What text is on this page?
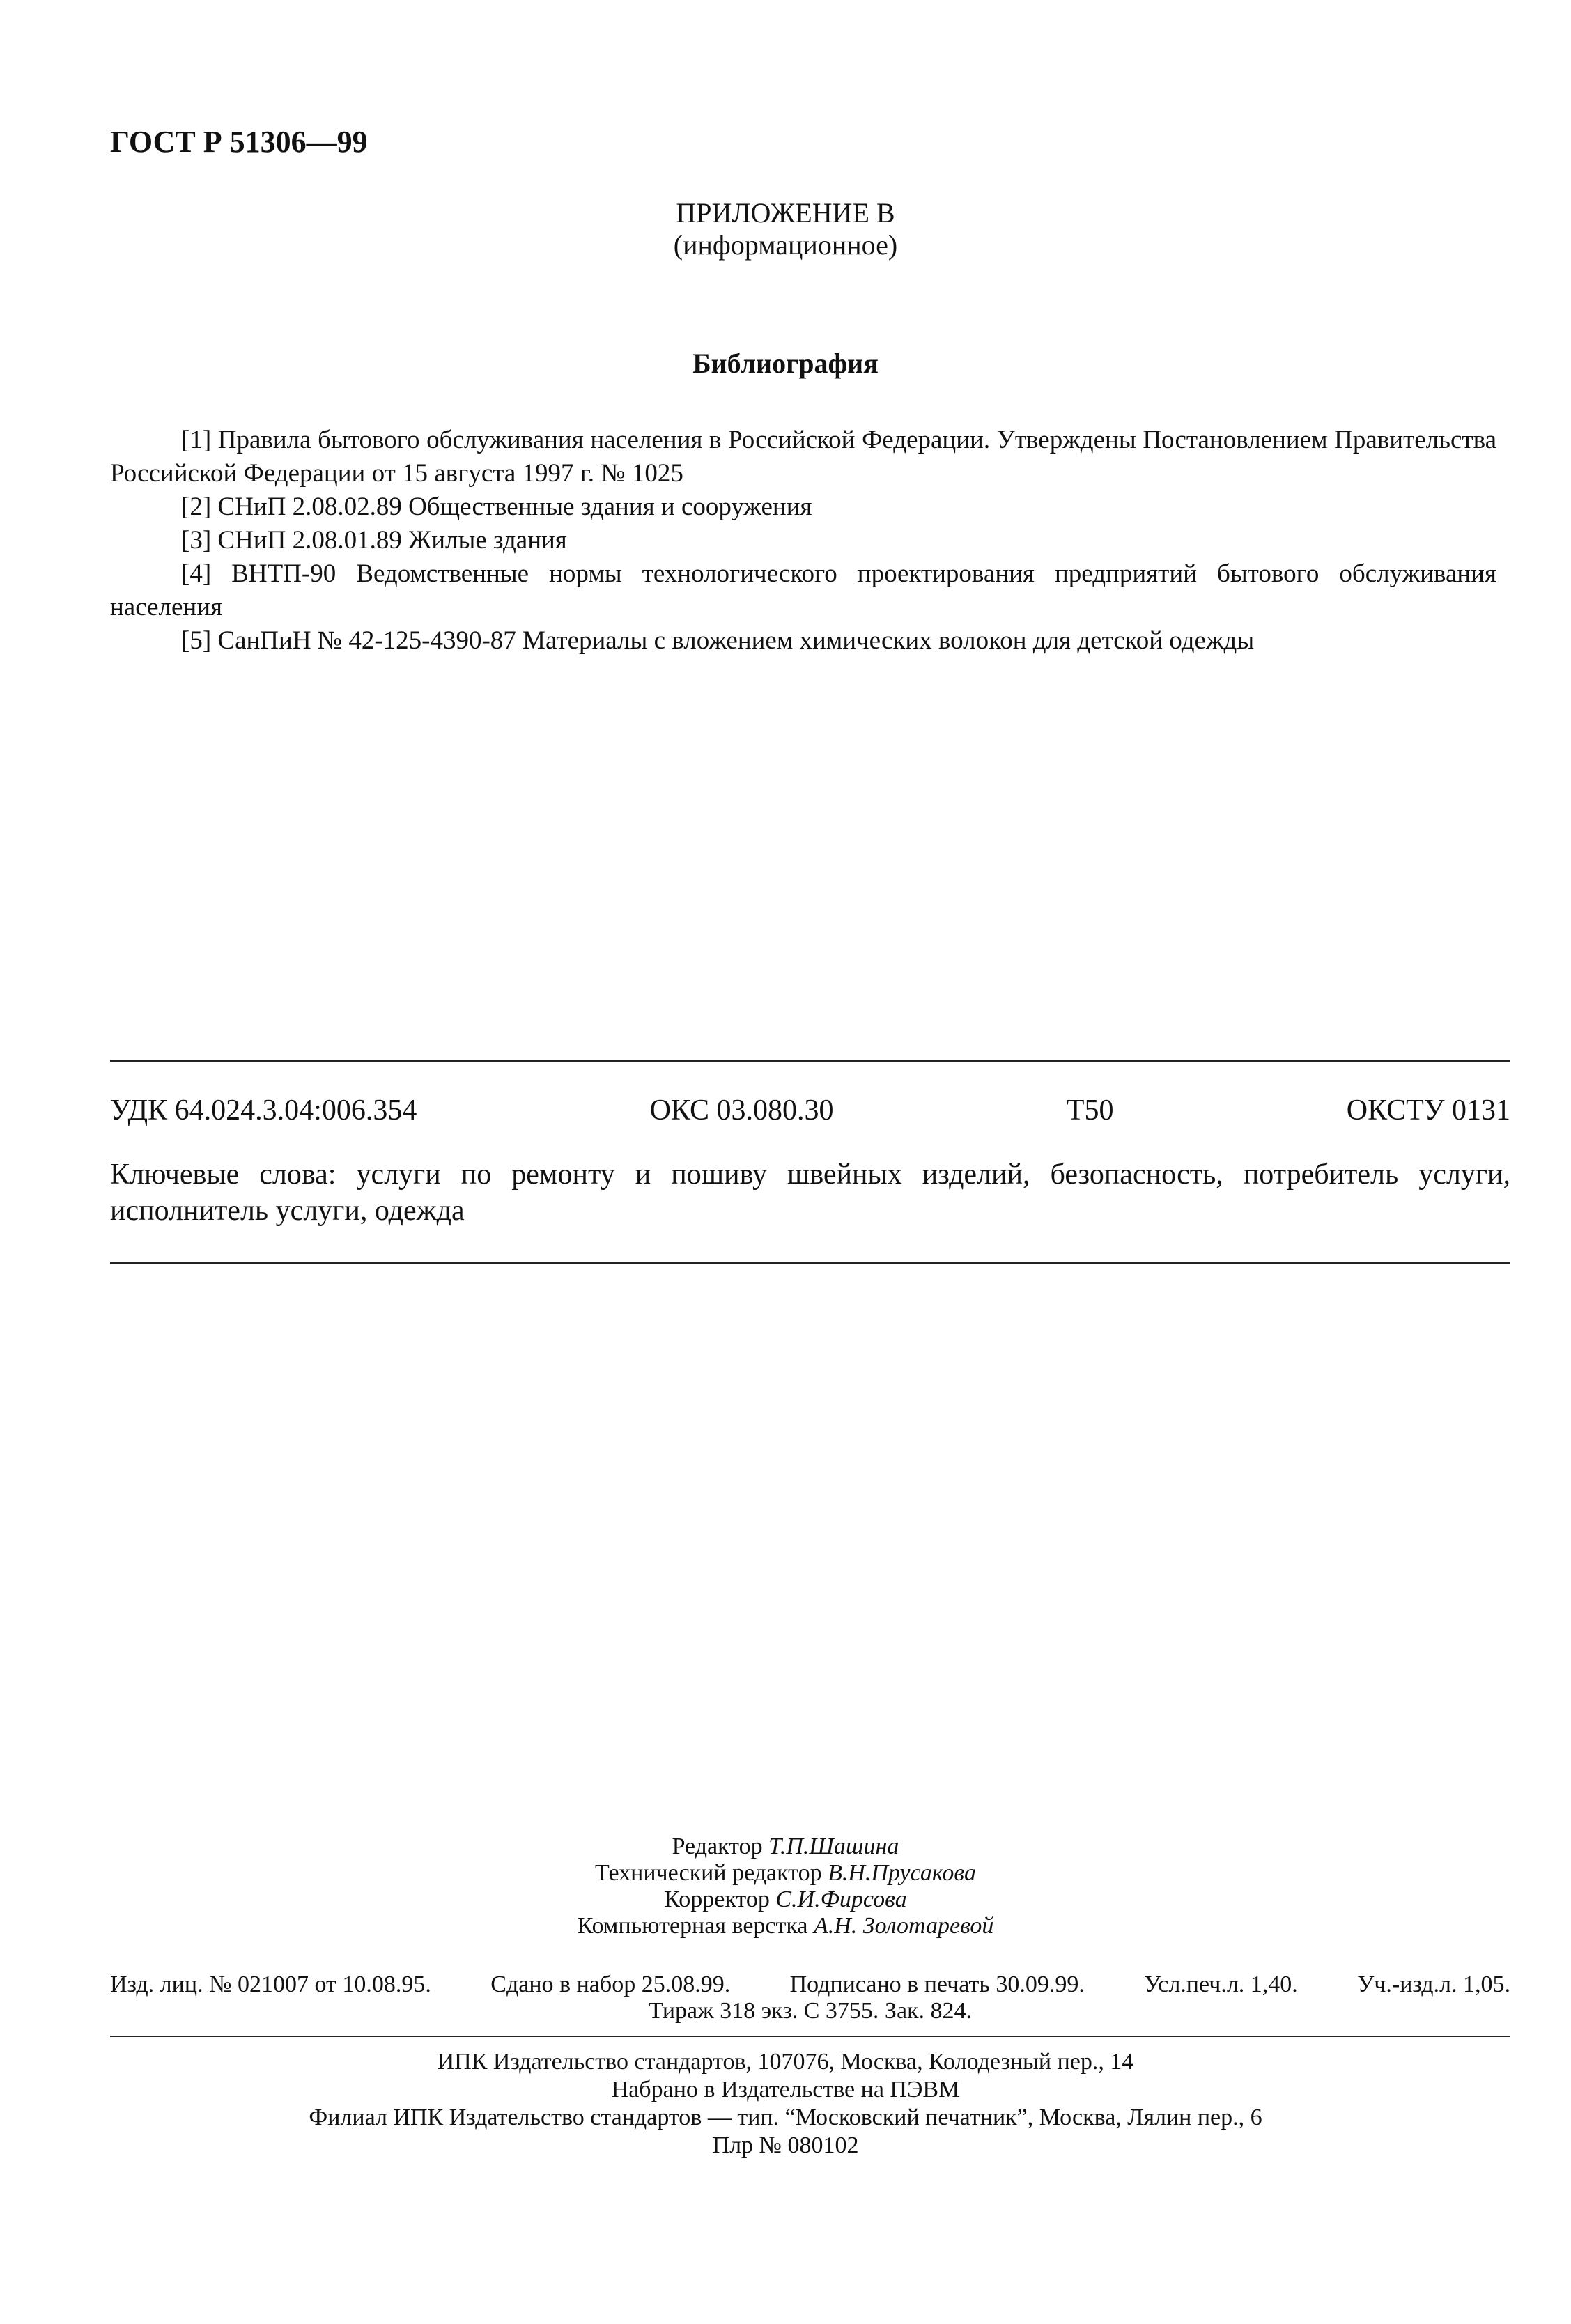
ГОСТ Р 51306—99
ПРИЛОЖЕНИЕ В
(информационное)
Библиография

[1] Правила бытового обслуживания населения в Российской Федерации. Утверждены Постановлением Правительства Российской Федерации от 15 августа 1997 г. № 1025

[2] СНиП 2.08.02.89 Общественные здания и сооружения

[3] СНиП 2.08.01.89 Жилые здания

[4] ВНТП-90 Ведомственные нормы технологического проектирования предприятий бытового обслуживания населения

[5] СанПиН № 42-125-4390-87 Материалы с вложением химических волокон для детской одежды

УДК 64.024.3.04:006.354	ОКС 03.080.30	Т50	ОКСТУ 0131
Ключевые слова: услуги по ремонту и пошиву швейных изделий, безопасность, потребитель услуги, исполнитель услуги, одежда
Редактор Т.П.Шашина
Технический редактор В.Н.Прусакова
Корректор С.И.Фирсова
Компьютерная верстка А.Н. Золотаревой
Изд. лиц. № 021007 от 10.08.95.	Сдано в набор 25.08.99.	Подписано в печать 30.09.99.	Усл.печ.л. 1,40.	Уч.-изд.л. 1,05.
Тираж 318 экз. С 3755. Зак. 824.
ИПК Издательство стандартов, 107076, Москва, Колодезный пер., 14
Набрано в Издательстве на ПЭВМ
Филиал ИПК Издательство стандартов — тип. “Московский печатник”, Москва, Лялин пер., 6
Плр № 080102
